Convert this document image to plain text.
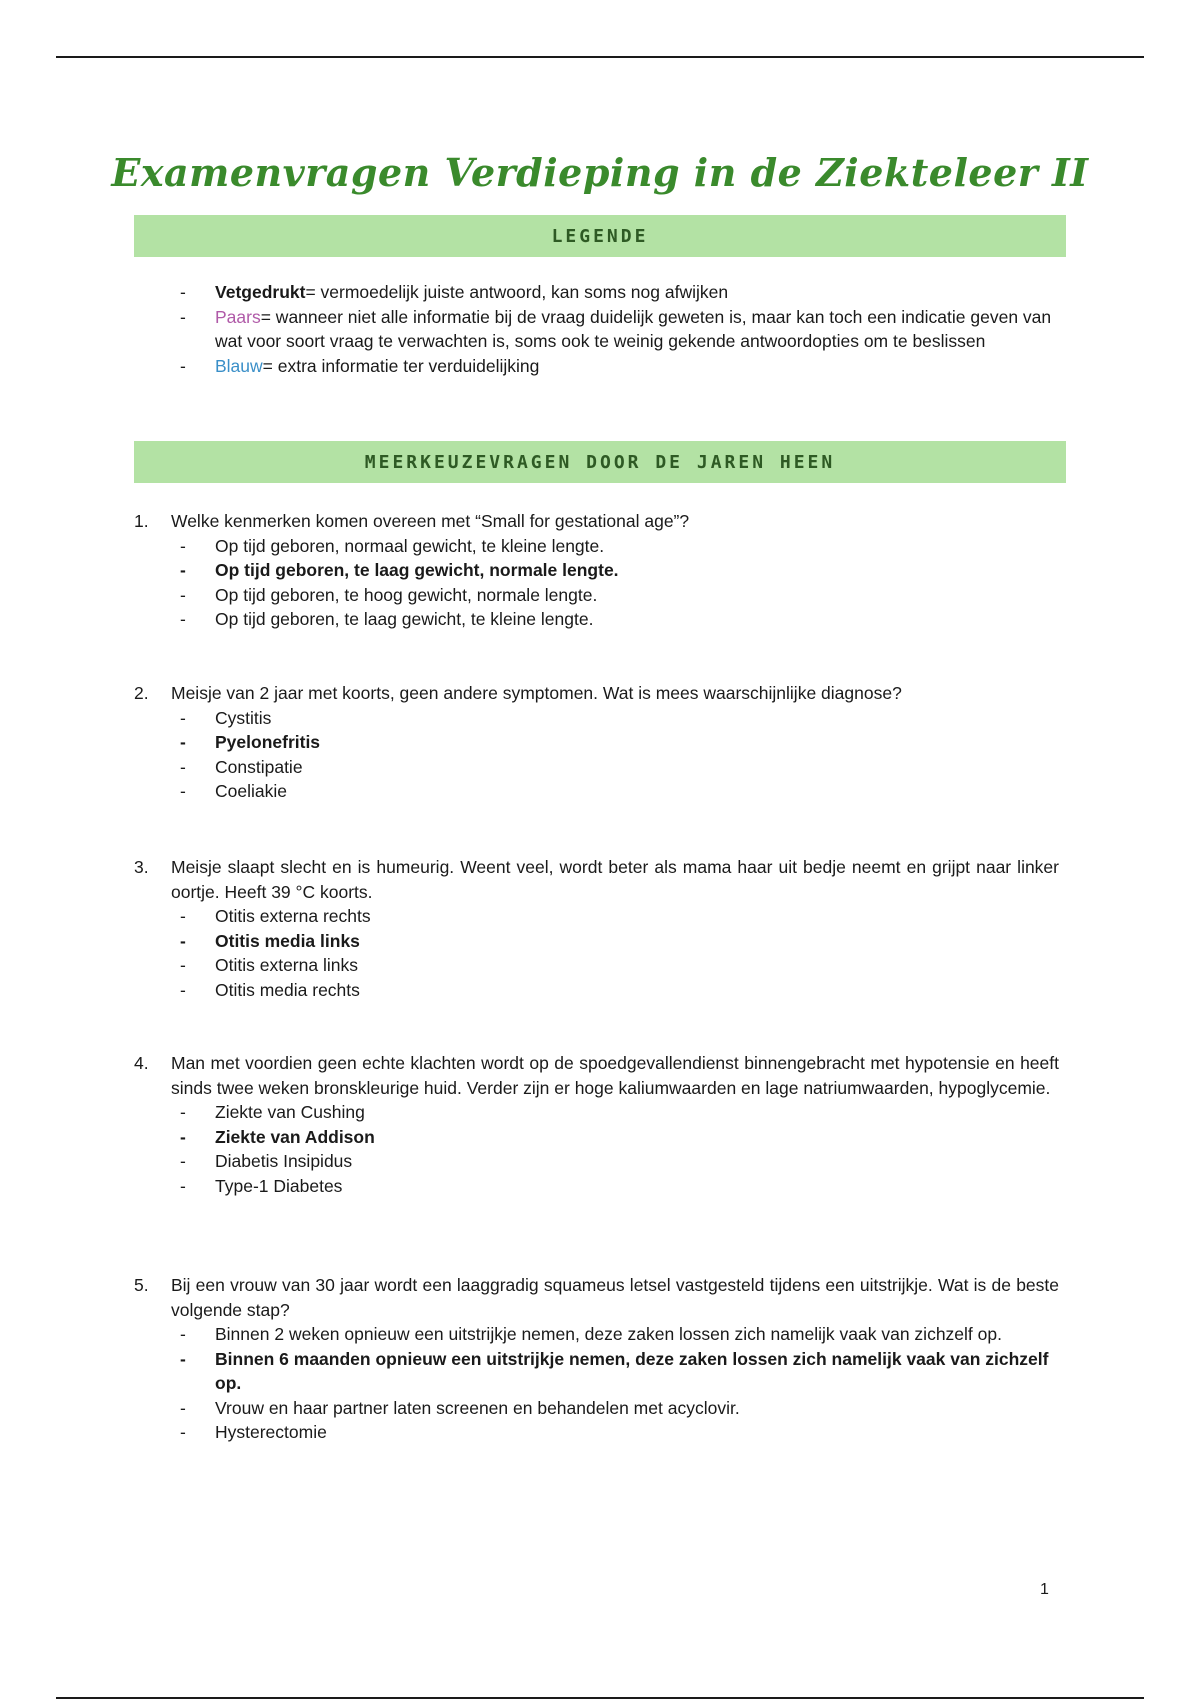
Examenvragen Verdieping in de Ziekteleer II
LEGENDE
- Vetgedrukt= vermoedelijk juiste antwoord, kan soms nog afwijken
- Paars= wanneer niet alle informatie bij de vraag duidelijk geweten is, maar kan toch een indicatie geven van wat voor soort vraag te verwachten is, soms ook te weinig gekende antwoordopties om te beslissen
- Blauw= extra informatie ter verduidelijking
MEERKEUZEVRAGEN DOOR DE JAREN HEEN

1. Welke kenmerken komen overeen met “Small for gestational age”?

- Op tijd geboren, normaal gewicht, te kleine lengte.
- Op tijd geboren, te laag gewicht, normale lengte.
- Op tijd geboren, te hoog gewicht, normale lengte.
- Op tijd geboren, te laag gewicht, te kleine lengte.

2. Meisje van 2 jaar met koorts, geen andere symptomen. Wat is mees waarschijnlijke diagnose?

- Cystitis
- Pyelonefritis
- Constipatie
- Coeliakie

3. Meisje slaapt slecht en is humeurig. Weent veel, wordt beter als mama haar uit bedje neemt en grijpt naar linker oortje. Heeft 39 °C koorts.

- Otitis externa rechts
- Otitis media links
- Otitis externa links
- Otitis media rechts

4. Man met voordien geen echte klachten wordt op de spoedgevallendienst binnengebracht met hypotensie en heeft sinds twee weken bronskleurige huid. Verder zijn er hoge kaliumwaarden en lage natriumwaarden, hypoglycemie.

- Ziekte van Cushing
- Ziekte van Addison
- Diabetis Insipidus
- Type-1 Diabetes

5. Bij een vrouw van 30 jaar wordt een laaggradig squameus letsel vastgesteld tijdens een uitstrijkje. Wat is de beste volgende stap?

- Binnen 2 weken opnieuw een uitstrijkje nemen, deze zaken lossen zich namelijk vaak van zichzelf op.
- Binnen 6 maanden opnieuw een uitstrijkje nemen, deze zaken lossen zich namelijk vaak van zichzelf op.
- Vrouw en haar partner laten screenen en behandelen met acyclovir.
- Hysterectomie
1
